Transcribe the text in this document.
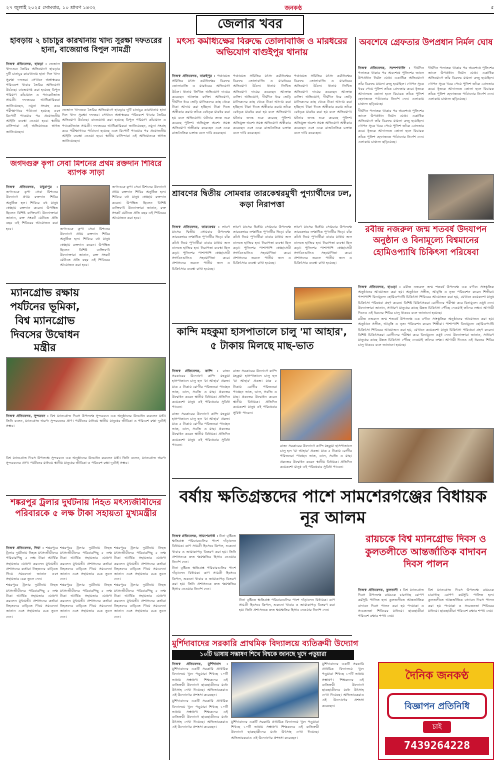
২৭ জুলাই ২০২৫ সোমবার, ১০ শ্রাবণ ১৪৩২	জনকণ্ঠ	৫
জেলার খবর
হাবড়ায় ২ চাচাচুর কারখানায় খাদ্য সুরক্ষা দফতরের হানা, বাজেয়াপ্ত বিপুল সামগ্রী

নিজস্ব প্রতিবেদক, হাবড়া : ভেজাল খাদ্যদ্রব্য তৈরির অভিযোগে হাবড়ার দুটি চানাচুর কারখানায় হানা দিল খাদ্য সুরক্ষা দফতর। সেখানে অস্বাস্থ্যকর পরিবেশে খাবার তৈরির অভিযোগ উঠেছে। বাজেয়াপ্ত করা হয়েছে বিপুল পরিমাণ কাঁচামাল ও প্যাকেটজাত সামগ্রী। দফতরের আধিকারিকরা জানিয়েছেন, নমুনা সংগ্রহ করে পরীক্ষাগারে পাঠানো হয়েছে এবং রিপোর্ট পাওয়ার পর প্রয়োজনীয় আইনি ব্যবস্থা নেওয়া হবে। স্থানীয় বাসিন্দারা এই অভিযানকে স্বাগত জানিয়েছেন।

ভেজাল খাদ্যদ্রব্য তৈরির অভিযোগে হাবড়ার দুটি চানাচুর কারখানায় হানা দিল খাদ্য সুরক্ষা দফতর। সেখানে অস্বাস্থ্যকর পরিবেশে খাবার তৈরির অভিযোগ উঠেছে। বাজেয়াপ্ত করা হয়েছে বিপুল পরিমাণ কাঁচামাল ও প্যাকেটজাত সামগ্রী। দফতরের আধিকারিকরা জানিয়েছেন, নমুনা সংগ্রহ করে পরীক্ষাগারে পাঠানো হয়েছে এবং রিপোর্ট পাওয়ার পর প্রয়োজনীয় আইনি ব্যবস্থা নেওয়া হবে। স্থানীয় বাসিন্দারা এই অভিযানকে স্বাগত জানিয়েছেন।

জগদগুরু কৃপা সেবা মিশনের প্রথম রক্তদান শিবিরে ব্যাপক সাড়া

নিজস্ব প্রতিবেদক, মথুরাপুর : জগদগুরু কৃপা সেবা মিশনের উদ্যোগে প্রথম রক্তদান শিবির অনুষ্ঠিত হল। শিবিরে বহু মানুষ স্বেচ্ছায় রক্তদান করেন। উপস্থিত ছিলেন বিশিষ্ট ব্যক্তিবর্গ। উদ্যোক্তারা জানান, রক্ত সংকট মেটাতে প্রতি বছর এই শিবিরের আয়োজন করা হবে।	জগদগুরু কৃপা সেবা মিশনের উদ্যোগে প্রথম রক্তদান শিবির অনুষ্ঠিত হল। শিবিরে বহু মানুষ স্বেচ্ছায় রক্তদান করেন। উপস্থিত ছিলেন বিশিষ্ট ব্যক্তিবর্গ। উদ্যোক্তারা জানান, রক্ত সংকট মেটাতে প্রতি বছর এই শিবিরের আয়োজন করা হবে।

জগদগুরু কৃপা সেবা মিশনের উদ্যোগে প্রথম রক্তদান শিবির অনুষ্ঠিত হল। শিবিরে বহু মানুষ স্বেচ্ছায় রক্তদান করেন। উপস্থিত ছিলেন বিশিষ্ট ব্যক্তিবর্গ। উদ্যোক্তারা জানান, রক্ত সংকট মেটাতে প্রতি বছর এই শিবিরের আয়োজন করা হবে।

ম্যানগ্রোভ রক্ষায় পর্যটনের ভূমিকা, বিশ্ব ম্যানগ্রোভ দিবসের উদ্বোধন মন্ত্রীর

নিজস্ব প্রতিবেদক, সুন্দরবন : বিশ্ব ম্যানগ্রোভ দিবস উপলক্ষে সুন্দরবনে এক অনুষ্ঠানের উদ্বোধন করলেন মন্ত্রী। তিনি বলেন, ম্যানগ্রোভ অরণ্য সুন্দরবনের প্রাণ। পর্যটনের মাধ্যমে স্থানীয় মানুষের জীবিকা ও পরিবেশ রক্ষা দুটোই সম্ভব।

বিশ্ব ম্যানগ্রোভ দিবস উপলক্ষে সুন্দরবনে এক অনুষ্ঠানের উদ্বোধন করলেন মন্ত্রী। তিনি বলেন, ম্যানগ্রোভ অরণ্য সুন্দরবনের প্রাণ। পর্যটনের মাধ্যমে স্থানীয় মানুষের জীবিকা ও পরিবেশ রক্ষা দুটোই সম্ভব।

শঙ্করপুর ট্রলার দুর্ঘটনায় নিহত মৎস্যজীবীদের পরিবারকে ৫ লক্ষ টাকা সহায়তা মুখ্যমন্ত্রীর

নিজস্ব প্রতিবেদক, দিঘা : শঙ্করপুরে ট্রলার দুর্ঘটনায় নিহত মৎস্যজীবীদের পরিবারপিছু ৫ লক্ষ টাকা আর্থিক সহায়তার ঘোষণা করলেন মুখ্যমন্ত্রী। প্রশাসনের কর্তারা নিহতদের বাড়িতে গিয়ে সমবেদনা জানান এবং সহায়তার চেক তুলে দেন।

শঙ্করপুরে ট্রলার দুর্ঘটনায় নিহত মৎস্যজীবীদের পরিবারপিছু ৫ লক্ষ টাকা আর্থিক সহায়তার ঘোষণা করলেন মুখ্যমন্ত্রী। প্রশাসনের কর্তারা নিহতদের বাড়িতে গিয়ে সমবেদনা জানান এবং সহায়তার চেক তুলে দেন।

শঙ্করপুরে ট্রলার দুর্ঘটনায় নিহত মৎস্যজীবীদের পরিবারপিছু ৫ লক্ষ টাকা আর্থিক সহায়তার ঘোষণা করলেন মুখ্যমন্ত্রী। প্রশাসনের কর্তারা নিহতদের বাড়িতে গিয়ে সমবেদনা জানান এবং সহায়তার চেক তুলে দেন।

শঙ্করপুরে ট্রলার দুর্ঘটনায় নিহত মৎস্যজীবীদের পরিবারপিছু ৫ লক্ষ টাকা আর্থিক সহায়তার ঘোষণা করলেন মুখ্যমন্ত্রী। প্রশাসনের কর্তারা নিহতদের বাড়িতে গিয়ে সমবেদনা জানান এবং সহায়তার চেক তুলে দেন।

শঙ্করপুরে ট্রলার দুর্ঘটনায় নিহত মৎস্যজীবীদের পরিবারপিছু ৫ লক্ষ টাকা আর্থিক সহায়তার ঘোষণা করলেন মুখ্যমন্ত্রী। প্রশাসনের কর্তারা নিহতদের বাড়িতে গিয়ে সমবেদনা জানান এবং সহায়তার চেক তুলে দেন।

শঙ্করপুরে ট্রলার দুর্ঘটনায় নিহত মৎস্যজীবীদের পরিবারপিছু ৫ লক্ষ টাকা আর্থিক সহায়তার ঘোষণা করলেন মুখ্যমন্ত্রী। প্রশাসনের কর্তারা নিহতদের বাড়িতে গিয়ে সমবেদনা জানান এবং সহায়তার চেক তুলে দেন।

মৎস্য কর্মাধ্যক্ষের বিরুদ্ধে তোলাবাজি ও মারধরের অভিযোগ বাগুইপুর থানায়

নিজস্ব প্রতিবেদক, বারুইপুর : পঞ্চায়েত সমিতির মৎস্য কর্মাধ্যক্ষের বিরুদ্ধে তোলাবাজি ও মারধরের অভিযোগ উঠল। থানায় লিখিত অভিযোগ দায়ের করেছেন আক্রান্ত ব্যক্তি। অভিযোগ, দীর্ঘদিন ধরে ভেড়ি মালিকদের কাছ থেকে টাকা আদায় করা হচ্ছিল। টাকা দিতে অস্বীকার করায় তাঁকে বেধড়ক মারধর করা হয় বলে অভিযোগ। ঘটনার তদন্ত শুরু করেছে পুলিশ। অভিযুক্ত অবশ্য সমস্ত অভিযোগ অস্বীকার করেছেন এবং একে রাজনৈতিক চক্রান্ত বলে দাবি করেছেন।

পঞ্চায়েত সমিতির মৎস্য কর্মাধ্যক্ষের বিরুদ্ধে তোলাবাজি ও মারধরের অভিযোগ উঠল। থানায় লিখিত অভিযোগ দায়ের করেছেন আক্রান্ত ব্যক্তি। অভিযোগ, দীর্ঘদিন ধরে ভেড়ি মালিকদের কাছ থেকে টাকা আদায় করা হচ্ছিল। টাকা দিতে অস্বীকার করায় তাঁকে বেধড়ক মারধর করা হয় বলে অভিযোগ। ঘটনার তদন্ত শুরু করেছে পুলিশ। অভিযুক্ত অবশ্য সমস্ত অভিযোগ অস্বীকার করেছেন এবং একে রাজনৈতিক চক্রান্ত বলে দাবি করেছেন।

পঞ্চায়েত সমিতির মৎস্য কর্মাধ্যক্ষের বিরুদ্ধে তোলাবাজি ও মারধরের অভিযোগ উঠল। থানায় লিখিত অভিযোগ দায়ের করেছেন আক্রান্ত ব্যক্তি। অভিযোগ, দীর্ঘদিন ধরে ভেড়ি মালিকদের কাছ থেকে টাকা আদায় করা হচ্ছিল। টাকা দিতে অস্বীকার করায় তাঁকে বেধড়ক মারধর করা হয় বলে অভিযোগ। ঘটনার তদন্ত শুরু করেছে পুলিশ। অভিযুক্ত অবশ্য সমস্ত অভিযোগ অস্বীকার করেছেন এবং একে রাজনৈতিক চক্রান্ত বলে দাবি করেছেন।

অবশেষে গ্রেফতার উপপ্রধান নির্মল ঘোষ

নিজস্ব প্রতিবেদক, সন্দেশখালি : দীর্ঘদিন পলাতক থাকার পর অবশেষে পুলিশের জালে উপপ্রধান নির্মল ঘোষ। একাধিক অভিযোগে তাঁর বিরুদ্ধে মামলা রুজু হয়েছিল। গোপন সূত্রে খবর পেয়ে পুলিশ তাঁকে গ্রেফতার করে। ধৃতকে আদালতে তোলা হলে বিচারক তাঁকে পুলিশ হেফাজতে পাঠানোর নির্দেশ দেন। এলাকায় চাঞ্চল্য ছড়িয়েছে।

দীর্ঘদিন পলাতক থাকার পর অবশেষে পুলিশের জালে উপপ্রধান নির্মল ঘোষ। একাধিক অভিযোগে তাঁর বিরুদ্ধে মামলা রুজু হয়েছিল। গোপন সূত্রে খবর পেয়ে পুলিশ তাঁকে গ্রেফতার করে। ধৃতকে আদালতে তোলা হলে বিচারক তাঁকে পুলিশ হেফাজতে পাঠানোর নির্দেশ দেন। এলাকায় চাঞ্চল্য ছড়িয়েছে।

দীর্ঘদিন পলাতক থাকার পর অবশেষে পুলিশের জালে উপপ্রধান নির্মল ঘোষ। একাধিক অভিযোগে তাঁর বিরুদ্ধে মামলা রুজু হয়েছিল। গোপন সূত্রে খবর পেয়ে পুলিশ তাঁকে গ্রেফতার করে। ধৃতকে আদালতে তোলা হলে বিচারক তাঁকে পুলিশ হেফাজতে পাঠানোর নির্দেশ দেন। এলাকায় চাঞ্চল্য ছড়িয়েছে।

শ্রাবণের দ্বিতীয় সোমবার তারকেশ্বরমুখী পুণ্যার্থীদের ঢল, কড়া নিরাপত্তা

নিজস্ব প্রতিবেদক, তারকেশ্বর : শ্রাবণ মাসের দ্বিতীয় সোমবার উপলক্ষে তারকেশ্বরে লক্ষাধিক পুণ্যার্থীর ভিড়। বাঁক কাঁধে নিয়ে পুণ্যার্থীরা বাবার মাথায় জল ঢালতে হাজির হন। নিরাপত্তা ব্যবস্থা ছিল কড়া। পুলিশের পাশাপাশি স্বেচ্ছাসেবী সংগঠনগুলিও সহযোগিতা করে। প্রশাসনের তরফে পানীয় জল ও চিকিৎসার ব্যবস্থা রাখা হয়েছে।

শ্রাবণ মাসের দ্বিতীয় সোমবার উপলক্ষে তারকেশ্বরে লক্ষাধিক পুণ্যার্থীর ভিড়। বাঁক কাঁধে নিয়ে পুণ্যার্থীরা বাবার মাথায় জল ঢালতে হাজির হন। নিরাপত্তা ব্যবস্থা ছিল কড়া। পুলিশের পাশাপাশি স্বেচ্ছাসেবী সংগঠনগুলিও সহযোগিতা করে। প্রশাসনের তরফে পানীয় জল ও চিকিৎসার ব্যবস্থা রাখা হয়েছে।

শ্রাবণ মাসের দ্বিতীয় সোমবার উপলক্ষে তারকেশ্বরে লক্ষাধিক পুণ্যার্থীর ভিড়। বাঁক কাঁধে নিয়ে পুণ্যার্থীরা বাবার মাথায় জল ঢালতে হাজির হন। নিরাপত্তা ব্যবস্থা ছিল কড়া। পুলিশের পাশাপাশি স্বেচ্ছাসেবী সংগঠনগুলিও সহযোগিতা করে। প্রশাসনের তরফে পানীয় জল ও চিকিৎসার ব্যবস্থা রাখা হয়েছে।

রবীন্দ্র নজরুল জন্ম শতবর্ষ উদযাপন অনুষ্ঠান ও বিনামূল্যে বিশ্বমানের হোমিওপ্যাথি চিকিৎসা পরিষেবা

নিজস্ব প্রতিবেদক, হাওড়া : রবীন্দ্র নজরুল জন্ম শতবর্ষ উপলক্ষে এক বর্ণাঢ্য সাংস্কৃতিক অনুষ্ঠানের আয়োজন করা হয়। অনুষ্ঠানে সঙ্গীত, আবৃত্তি ও নৃত্য পরিবেশন করেন শিল্পীরা। পাশাপাশি বিনামূল্যে হোমিওপ্যাথি চিকিৎসা শিবিরের আয়োজন করা হয়, যেখানে কয়েকশো মানুষ চিকিৎসা পরিষেবা গ্রহণ করেন। বিশিষ্ট চিকিৎসকরা রোগীদের পরীক্ষা করে বিনামূল্যে ওষুধ দেন। উদ্যোক্তারা জানান, সাধারণ মানুষের কাছে উন্নত চিকিৎসা পৌঁছে দেওয়াই তাঁদের লক্ষ্য। আগামী দিনেও এই ধরনের শিবির চালু থাকবে বলে জানানো হয়েছে।

রবীন্দ্র নজরুল জন্ম শতবর্ষ উপলক্ষে এক বর্ণাঢ্য সাংস্কৃতিক অনুষ্ঠানের আয়োজন করা হয়। অনুষ্ঠানে সঙ্গীত, আবৃত্তি ও নৃত্য পরিবেশন করেন শিল্পীরা। পাশাপাশি বিনামূল্যে হোমিওপ্যাথি চিকিৎসা শিবিরের আয়োজন করা হয়, যেখানে কয়েকশো মানুষ চিকিৎসা পরিষেবা গ্রহণ করেন। বিশিষ্ট চিকিৎসকরা রোগীদের পরীক্ষা করে বিনামূল্যে ওষুধ দেন। উদ্যোক্তারা জানান, সাধারণ মানুষের কাছে উন্নত চিকিৎসা পৌঁছে দেওয়াই তাঁদের লক্ষ্য। আগামী দিনেও এই ধরনের শিবির চালু থাকবে বলে জানানো হয়েছে।

কান্দি মহকুমা হাসপাতালে চালু 'মা আহার', ৫ টাকায় মিলছে মাছ-ভাত

নিজস্ব প্রতিবেদক, কান্দি : রাজ্য সরকারের উদ্যোগে কান্দি মহকুমা হাসপাতালে চালু হল 'মা আহার' প্রকল্প। মাত্র ৫ টাকায় রোগীর পরিজনরা পাচ্ছেন ভাত, ডাল, সবজি ও মাছ। প্রকল্পের উদ্বোধন করেন স্থানীয় বিধায়ক। প্রতিদিন কয়েকশো মানুষ এই পরিষেবার সুবিধা পাবেন।

রাজ্য সরকারের উদ্যোগে কান্দি মহকুমা হাসপাতালে চালু হল 'মা আহার' প্রকল্প। মাত্র ৫ টাকায় রোগীর পরিজনরা পাচ্ছেন ভাত, ডাল, সবজি ও মাছ। প্রকল্পের উদ্বোধন করেন স্থানীয় বিধায়ক। প্রতিদিন কয়েকশো মানুষ এই পরিষেবার সুবিধা পাবেন।

রাজ্য সরকারের উদ্যোগে কান্দি মহকুমা হাসপাতালে চালু হল 'মা আহার' প্রকল্প। মাত্র ৫ টাকায় রোগীর পরিজনরা পাচ্ছেন ভাত, ডাল, সবজি ও মাছ। প্রকল্পের উদ্বোধন করেন স্থানীয় বিধায়ক। প্রতিদিন কয়েকশো মানুষ এই পরিষেবার সুবিধা পাবেন।

রাজ্য সরকারের উদ্যোগে কান্দি মহকুমা হাসপাতালে চালু হল 'মা আহার' প্রকল্প। মাত্র ৫ টাকায় রোগীর পরিজনরা পাচ্ছেন ভাত, ডাল, সবজি ও মাছ। প্রকল্পের উদ্বোধন করেন স্থানীয় বিধায়ক। প্রতিদিন কয়েকশো মানুষ এই পরিষেবার সুবিধা পাবেন।

বর্ষায় ক্ষতিগ্রস্তদের পাশে সামশেরগঞ্জের বিধায়ক নূর আলম

নিজস্ব প্রতিবেদক, সামশেরগঞ্জ : টানা বৃষ্টিতে ক্ষতিগ্রস্ত পরিবারগুলির পাশে দাঁড়ালেন বিধায়ক। ত্রাণ সামগ্রী হিসেবে ত্রিপল, শুকনো খাবার ও জামাকাপড় বিতরণ করা হয়। তিনি প্রশাসনকে দ্রুত ক্ষয়ক্ষতির হিসাব নেওয়ার নির্দেশ দেন।

টানা বৃষ্টিতে ক্ষতিগ্রস্ত পরিবারগুলির পাশে দাঁড়ালেন বিধায়ক। ত্রাণ সামগ্রী হিসেবে ত্রিপল, শুকনো খাবার ও জামাকাপড় বিতরণ করা হয়। তিনি প্রশাসনকে দ্রুত ক্ষয়ক্ষতির হিসাব নেওয়ার নির্দেশ দেন।

টানা বৃষ্টিতে ক্ষতিগ্রস্ত পরিবারগুলির পাশে দাঁড়ালেন বিধায়ক। ত্রাণ সামগ্রী হিসেবে ত্রিপল, শুকনো খাবার ও জামাকাপড় বিতরণ করা হয়। তিনি প্রশাসনকে দ্রুত ক্ষয়ক্ষতির হিসাব নেওয়ার নির্দেশ দেন।

রায়চকে বিশ্ব ম্যানগ্রোভ দিবস ও কুলতলীতে আন্তর্জাতিক বাদাবন দিবস পালন

নিজস্ব প্রতিবেদক, কুলতলী : বিশ্ব ম্যানগ্রোভ দিবস উপলক্ষে রায়চকে চারাগাছ রোপণ কর্মসূচি পালিত হল। কুলতলীতে আন্তর্জাতিক বাদাবন দিবস পালন করা হয় পদযাত্রা ও সচেতনতা শিবিরের মাধ্যমে। ছাত্রছাত্রীরা পরিবেশ রক্ষার শপথ নেয়।

বিশ্ব ম্যানগ্রোভ দিবস উপলক্ষে রায়চকে চারাগাছ রোপণ কর্মসূচি পালিত হল। কুলতলীতে আন্তর্জাতিক বাদাবন দিবস পালন করা হয় পদযাত্রা ও সচেতনতা শিবিরের মাধ্যমে। ছাত্রছাত্রীরা পরিবেশ রক্ষার শপথ নেয়।

মুর্শিদাবাদের সরকারি প্রাথমিক বিদ্যালয়ে ব্যতিক্রমী উদ্যোগ
১০টি ভাষায় সম্ভাষণ শিখে বিশ্বকে জানছে খুদে পড়ুয়ারা

নিজস্ব প্রতিবেদক, মুর্শিদাবাদ : মুর্শিদাবাদের একটি সরকারি প্রাথমিক বিদ্যালয়ে খুদে পড়ুয়ারা শিখছে ১০টি ভাষায় সম্ভাষণ। শিক্ষকদের এই ব্যতিক্রমী উদ্যোগে ছাত্রছাত্রীদের মধ্যে উৎসাহ দেখা দিয়েছে। অভিভাবকরাও এই উদ্যোগের প্রশংসা করেছেন।

মুর্শিদাবাদের একটি সরকারি প্রাথমিক বিদ্যালয়ে খুদে পড়ুয়ারা শিখছে ১০টি ভাষায় সম্ভাষণ। শিক্ষকদের এই ব্যতিক্রমী উদ্যোগে ছাত্রছাত্রীদের মধ্যে উৎসাহ দেখা দিয়েছে। অভিভাবকরাও এই উদ্যোগের প্রশংসা করেছেন।

মুর্শিদাবাদের একটি সরকারি প্রাথমিক বিদ্যালয়ে খুদে পড়ুয়ারা শিখছে ১০টি ভাষায় সম্ভাষণ। শিক্ষকদের এই ব্যতিক্রমী উদ্যোগে ছাত্রছাত্রীদের মধ্যে উৎসাহ দেখা দিয়েছে। অভিভাবকরাও এই উদ্যোগের প্রশংসা করেছেন।

মুর্শিদাবাদের একটি সরকারি প্রাথমিক বিদ্যালয়ে খুদে পড়ুয়ারা শিখছে ১০টি ভাষায় সম্ভাষণ। শিক্ষকদের এই ব্যতিক্রমী উদ্যোগে ছাত্রছাত্রীদের মধ্যে উৎসাহ দেখা দিয়েছে। অভিভাবকরাও এই উদ্যোগের প্রশংসা করেছেন।

দৈনিক জনকণ্ঠ
বিজ্ঞাপন প্রতিনিধি
চাই
7439264228
